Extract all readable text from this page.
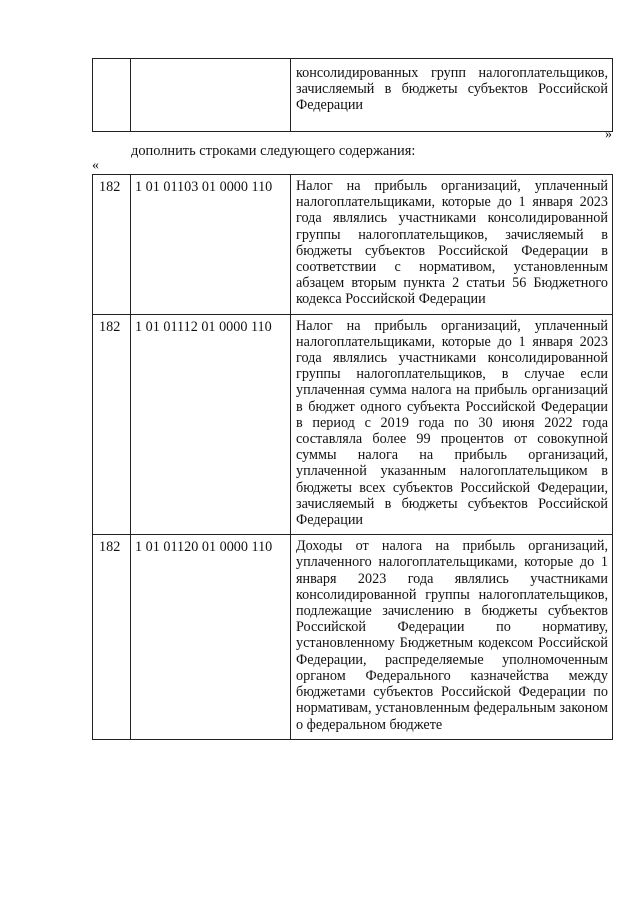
		консолидированных групп налогоплательщиков, зачисляемый в бюджеты субъектов Российской Федерации
»
дополнить строками следующего содержания:
«
182	1 01 01103 01 0000 110	Налог на прибыль организаций, уплаченный налогоплательщиками, которые до 1 января 2023 года являлись участниками консолидированной группы налогоплательщиков, зачисляемый в бюджеты субъектов Российской Федерации в соответствии с нормативом, установленным абзацем вторым пункта 2 статьи 56 Бюджетного кодекса Российской Федерации
182	1 01 01112 01 0000 110	Налог на прибыль организаций, уплаченный налогоплательщиками, которые до 1 января 2023 года являлись участниками консолидированной группы налогоплательщиков, в случае если уплаченная сумма налога на прибыль организаций в бюджет одного субъекта Российской Федерации в период с 2019 года по 30 июня 2022 года составляла более 99 процентов от совокупной суммы налога на прибыль организаций, уплаченной указанным налогоплательщиком в бюджеты всех субъектов Российской Федерации, зачисляемый в бюджеты субъектов Российской Федерации
182	1 01 01120 01 0000 110	Доходы от налога на прибыль организаций, уплаченного налогоплательщиками, которые до 1 января 2023 года являлись участниками консолидированной группы налогоплательщиков, подлежащие зачислению в бюджеты субъектов Российской Федерации по нормативу, установленному Бюджетным кодексом Российской Федерации, распределяемые уполномоченным органом Федерального казначейства между бюджетами субъектов Российской Федерации по нормативам, установленным федеральным законом о федеральном бюджете
